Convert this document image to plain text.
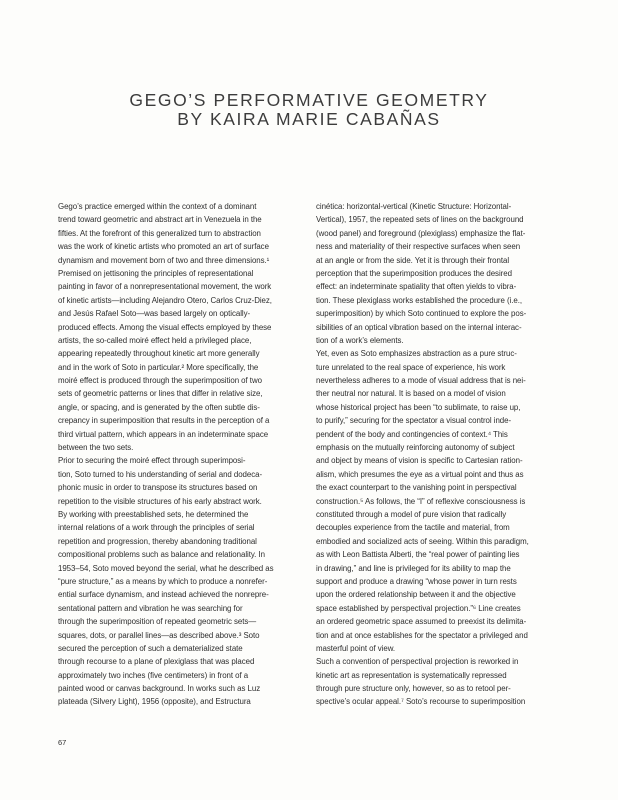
GEGO’S PERFORMATIVE GEOMETRY
BY KAIRA MARIE CABAÑAS
Gego’s practice emerged within the context of a dominant
trend toward geometric and abstract art in Venezuela in the
fifties. At the forefront of this generalized turn to abstraction
was the work of kinetic artists who promoted an art of surface
dynamism and movement born of two and three dimensions.¹
Premised on jettisoning the principles of representational
painting in favor of a nonrepresentational movement, the work
of kinetic artists—including Alejandro Otero, Carlos Cruz-Diez,
and Jesús Rafael Soto—was based largely on optically-
produced effects. Among the visual effects employed by these
artists, the so-called moiré effect held a privileged place,
appearing repeatedly throughout kinetic art more generally
and in the work of Soto in particular.² More specifically, the
moiré effect is produced through the superimposition of two
sets of geometric patterns or lines that differ in relative size,
angle, or spacing, and is generated by the often subtle dis-
crepancy in superimposition that results in the perception of a
third virtual pattern, which appears in an indeterminate space
between the two sets.
Prior to securing the moiré effect through superimposi-
tion, Soto turned to his understanding of serial and dodeca-
phonic music in order to transpose its structures based on
repetition to the visible structures of his early abstract work.
By working with preestablished sets, he determined the
internal relations of a work through the principles of serial
repetition and progression, thereby abandoning traditional
compositional problems such as balance and relationality. In
1953–54, Soto moved beyond the serial, what he described as
“pure structure,” as a means by which to produce a nonrefer-
ential surface dynamism, and instead achieved the nonrepre-
sentational pattern and vibration he was searching for
through the superimposition of repeated geometric sets—
squares, dots, or parallel lines—as described above.³ Soto
secured the perception of such a dematerialized state
through recourse to a plane of plexiglass that was placed
approximately two inches (five centimeters) in front of a
painted wood or canvas background. In works such as Luz
plateada (Silvery Light), 1956 (opposite), and Estructura
cinética: horizontal-vertical (Kinetic Structure: Horizontal-
Vertical), 1957, the repeated sets of lines on the background
(wood panel) and foreground (plexiglass) emphasize the flat-
ness and materiality of their respective surfaces when seen
at an angle or from the side. Yet it is through their frontal
perception that the superimposition produces the desired
effect: an indeterminate spatiality that often yields to vibra-
tion. These plexiglass works established the procedure (i.e.,
superimposition) by which Soto continued to explore the pos-
sibilities of an optical vibration based on the internal interac-
tion of a work’s elements.
Yet, even as Soto emphasizes abstraction as a pure struc-
ture unrelated to the real space of experience, his work
nevertheless adheres to a mode of visual address that is nei-
ther neutral nor natural. It is based on a model of vision
whose historical project has been “to sublimate, to raise up,
to purify,” securing for the spectator a visual control inde-
pendent of the body and contingencies of context.⁴ This
emphasis on the mutually reinforcing autonomy of subject
and object by means of vision is specific to Cartesian ration-
alism, which presumes the eye as a virtual point and thus as
the exact counterpart to the vanishing point in perspectival
construction.⁵ As follows, the “I” of reflexive consciousness is
constituted through a model of pure vision that radically
decouples experience from the tactile and material, from
embodied and socialized acts of seeing. Within this paradigm,
as with Leon Battista Alberti, the “real power of painting lies
in drawing,” and line is privileged for its ability to map the
support and produce a drawing “whose power in turn rests
upon the ordered relationship between it and the objective
space established by perspectival projection.”⁶ Line creates
an ordered geometric space assumed to preexist its delimita-
tion and at once establishes for the spectator a privileged and
masterful point of view.
Such a convention of perspectival projection is reworked in
kinetic art as representation is systematically repressed
through pure structure only, however, so as to retool per-
spective’s ocular appeal.⁷ Soto’s recourse to superimposition
67
